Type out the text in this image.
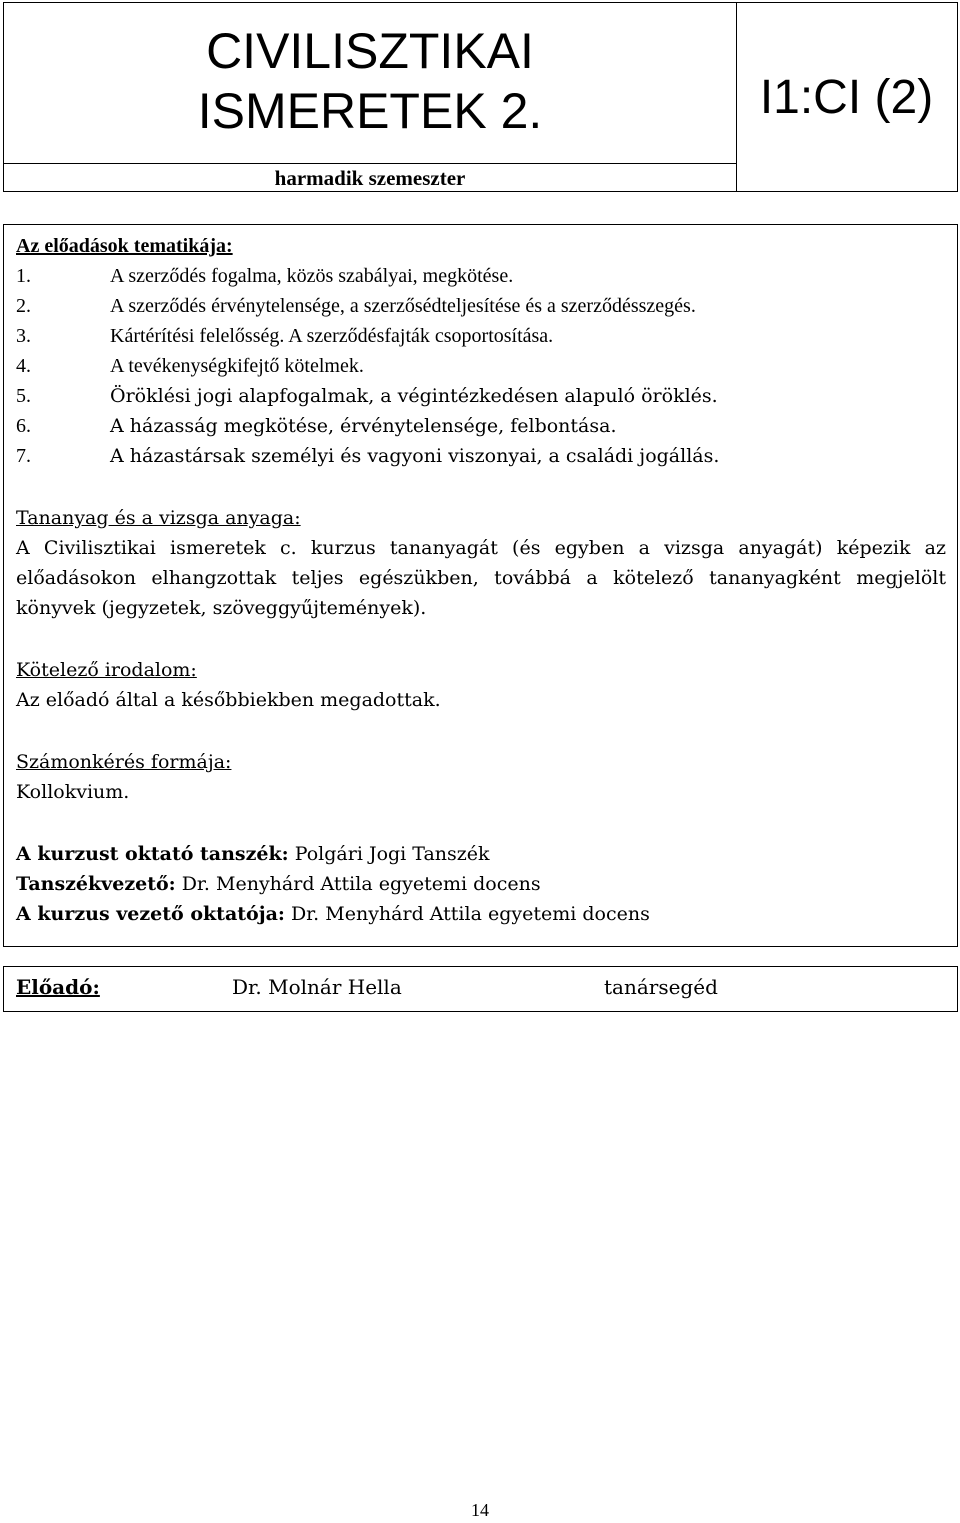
CIVILISZTIKAI
ISMERETEK 2.
harmadik szemeszter
I1:CI (2)
Az előadások tematikája:
1.	A szerződés fogalma, közös szabályai, megkötése.
2.	A szerződés érvénytelensége, a szerzősédteljesítése és a szerződésszegés.
3.	Kártérítési felelősség. A szerződésfajták csoportosítása.
4.	A tevékenységkifejtő kötelmek.
5.	Öröklési jogi alapfogalmak, a végintézkedésen alapuló öröklés.
6.	A házasság megkötése, érvénytelensége, felbontása.
7.	A házastársak személyi és vagyoni viszonyai, a családi jogállás.
Tananyag és a vizsga anyaga:
A Civilisztikai ismeretek c. kurzus tananyagát (és egyben a vizsga anyagát) képezik az előadásokon elhangzottak teljes egészükben, továbbá a kötelező tananyagként megjelölt könyvek (jegyzetek, szöveggyűjtemények).
Kötelező irodalom:
Az előadó által a későbbiekben megadottak.
Számonkérés formája:
Kollokvium.
A kurzust oktató tanszék: Polgári Jogi Tanszék
Tanszékvezető: Dr. Menyhárd Attila egyetemi docens
A kurzus vezető oktatója: Dr. Menyhárd Attila egyetemi docens
Előadó:	Dr. Molnár Hella	tanársegéd
14
